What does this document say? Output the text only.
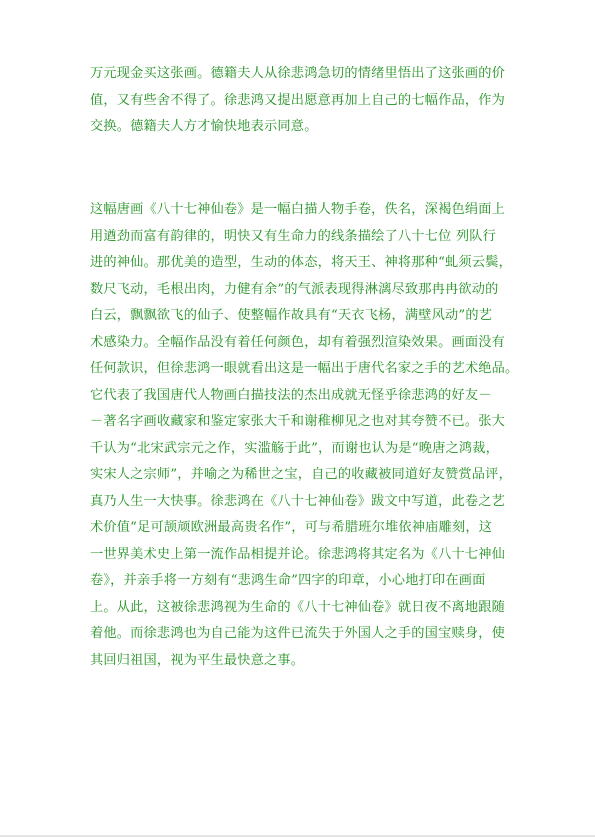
万元现金买这张画。德籍夫人从徐悲鸿急切的情绪里悟出了这张画的价
值，又有些舍不得了。徐悲鸿又提出愿意再加上自己的七幅作品，作为
交换。德籍夫人方才愉快地表示同意。
这幅唐画《八十七神仙卷》是一幅白描人物手卷，佚名，深褐色绢面上
用遒劲而富有韵律的，明快又有生命力的线条描绘了八十七位 列队行
进的神仙。那优美的造型，生动的体态，将天王、神将那种“虬须云鬓，
数尺飞动，毛根出肉，力健有余”的气派表现得淋漓尽致那冉冉欲动的
白云，飘飘欲飞的仙子、使整幅作故具有“天衣飞杨，满壁风动”的艺
术感染力。全幅作品没有着任何颜色，却有着强烈渲染效果。画面没有
任何款识，但徐悲鸿一眼就看出这是一幅出于唐代名家之手的艺术绝品。
它代表了我国唐代人物画白描技法的杰出成就无怪乎徐悲鸿的好友－
－著名字画收藏家和鉴定家张大千和谢稚柳见之也对其夸赞不已。张大
千认为“北宋武宗元之作，实滥觞于此”，而谢也认为是“晚唐之鸿裁，
实宋人之宗师”，并喻之为稀世之宝，自己的收藏被同道好友赞赏品评，
真乃人生一大快事。徐悲鸿在《八十七神仙卷》跋文中写道，此卷之艺
术价值“足可颉颃欧洲最高贵名作”，可与希腊班尔堆依神庙雕刻，这
一世界美术史上第一流作品相提并论。徐悲鸿将其定名为《八十七神仙
卷》，并亲手将一方刻有“悲鸿生命”四字的印章，小心地打印在画面
上。从此，这被徐悲鸿视为生命的《八十七神仙卷》就日夜不离地跟随
着他。而徐悲鸿也为自己能为这件已流失于外国人之手的国宝赎身，使
其回归祖国，视为平生最快意之事。
